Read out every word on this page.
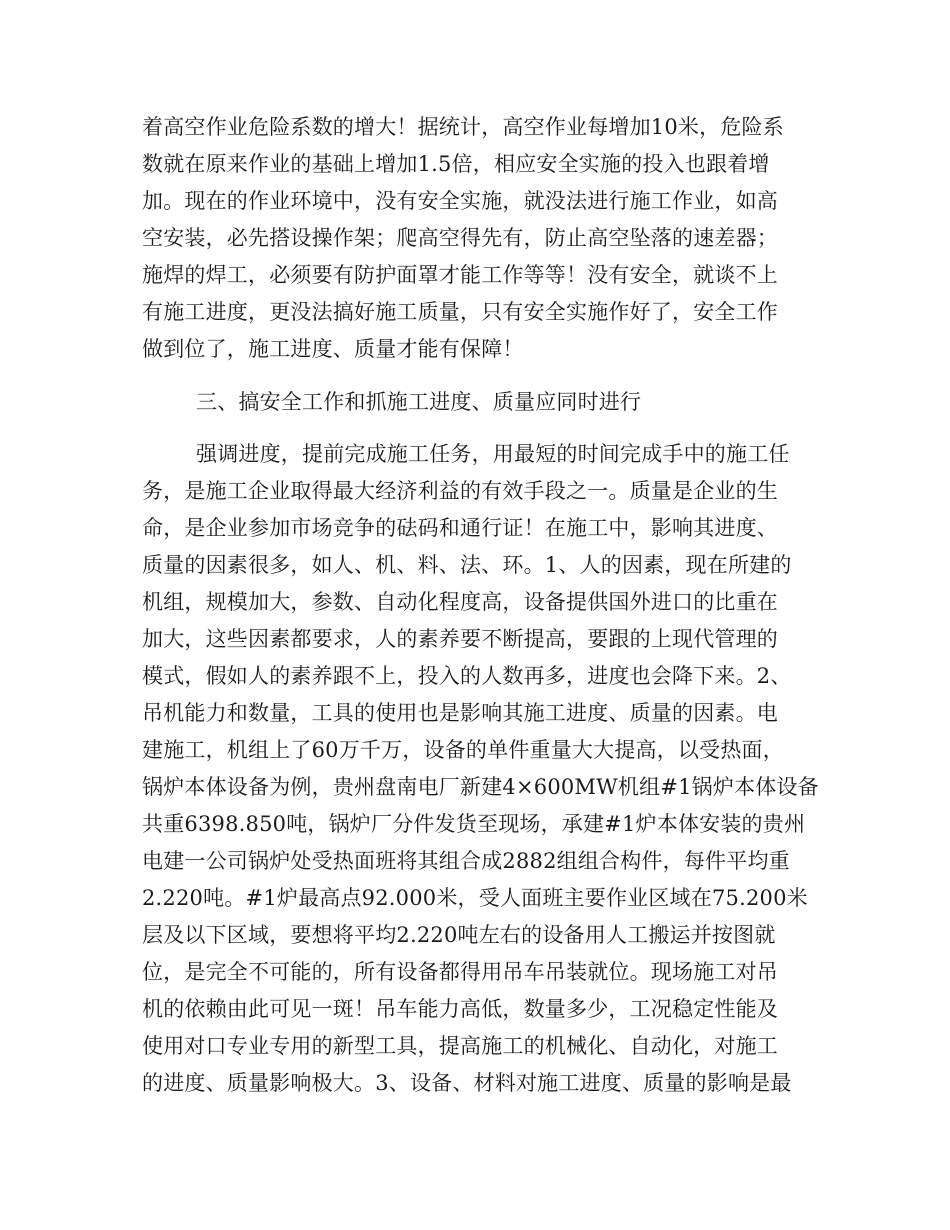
着高空作业危险系数的增大！据统计，高空作业每增加10米，危险系
数就在原来作业的基础上增加1.5倍，相应安全实施的投入也跟着增
加。现在的作业环境中，没有安全实施，就没法进行施工作业，如高
空安装，必先搭设操作架；爬高空得先有，防止高空坠落的速差器；
施焊的焊工，必须要有防护面罩才能工作等等！没有安全，就谈不上
有施工进度，更没法搞好施工质量，只有安全实施作好了，安全工作
做到位了，施工进度、质量才能有保障！
三、搞安全工作和抓施工进度、质量应同时进行
强调进度，提前完成施工任务，用最短的时间完成手中的施工任
务，是施工企业取得最大经济利益的有效手段之一。质量是企业的生
命，是企业参加市场竞争的砝码和通行证！在施工中，影响其进度、
质量的因素很多，如人、机、料、法、环。1、人的因素，现在所建的
机组，规模加大，参数、自动化程度高，设备提供国外进口的比重在
加大，这些因素都要求，人的素养要不断提高，要跟的上现代管理的
模式，假如人的素养跟不上，投入的人数再多，进度也会降下来。2、
吊机能力和数量，工具的使用也是影响其施工进度、质量的因素。电
建施工，机组上了60万千万，设备的单件重量大大提高，以受热面，
锅炉本体设备为例，贵州盘南电厂新建4×600MW机组#1锅炉本体设备
共重6398.850吨，锅炉厂分件发货至现场，承建#1炉本体安装的贵州
电建一公司锅炉处受热面班将其组合成2882组组合构件，每件平均重
2.220吨。#1炉最高点92.000米，受人面班主要作业区域在75.200米
层及以下区域，要想将平均2.220吨左右的设备用人工搬运并按图就
位，是完全不可能的，所有设备都得用吊车吊装就位。现场施工对吊
机的依赖由此可见一斑！吊车能力高低，数量多少，工况稳定性能及
使用对口专业专用的新型工具，提高施工的机械化、自动化，对施工
的进度、质量影响极大。3、设备、材料对施工进度、质量的影响是最
